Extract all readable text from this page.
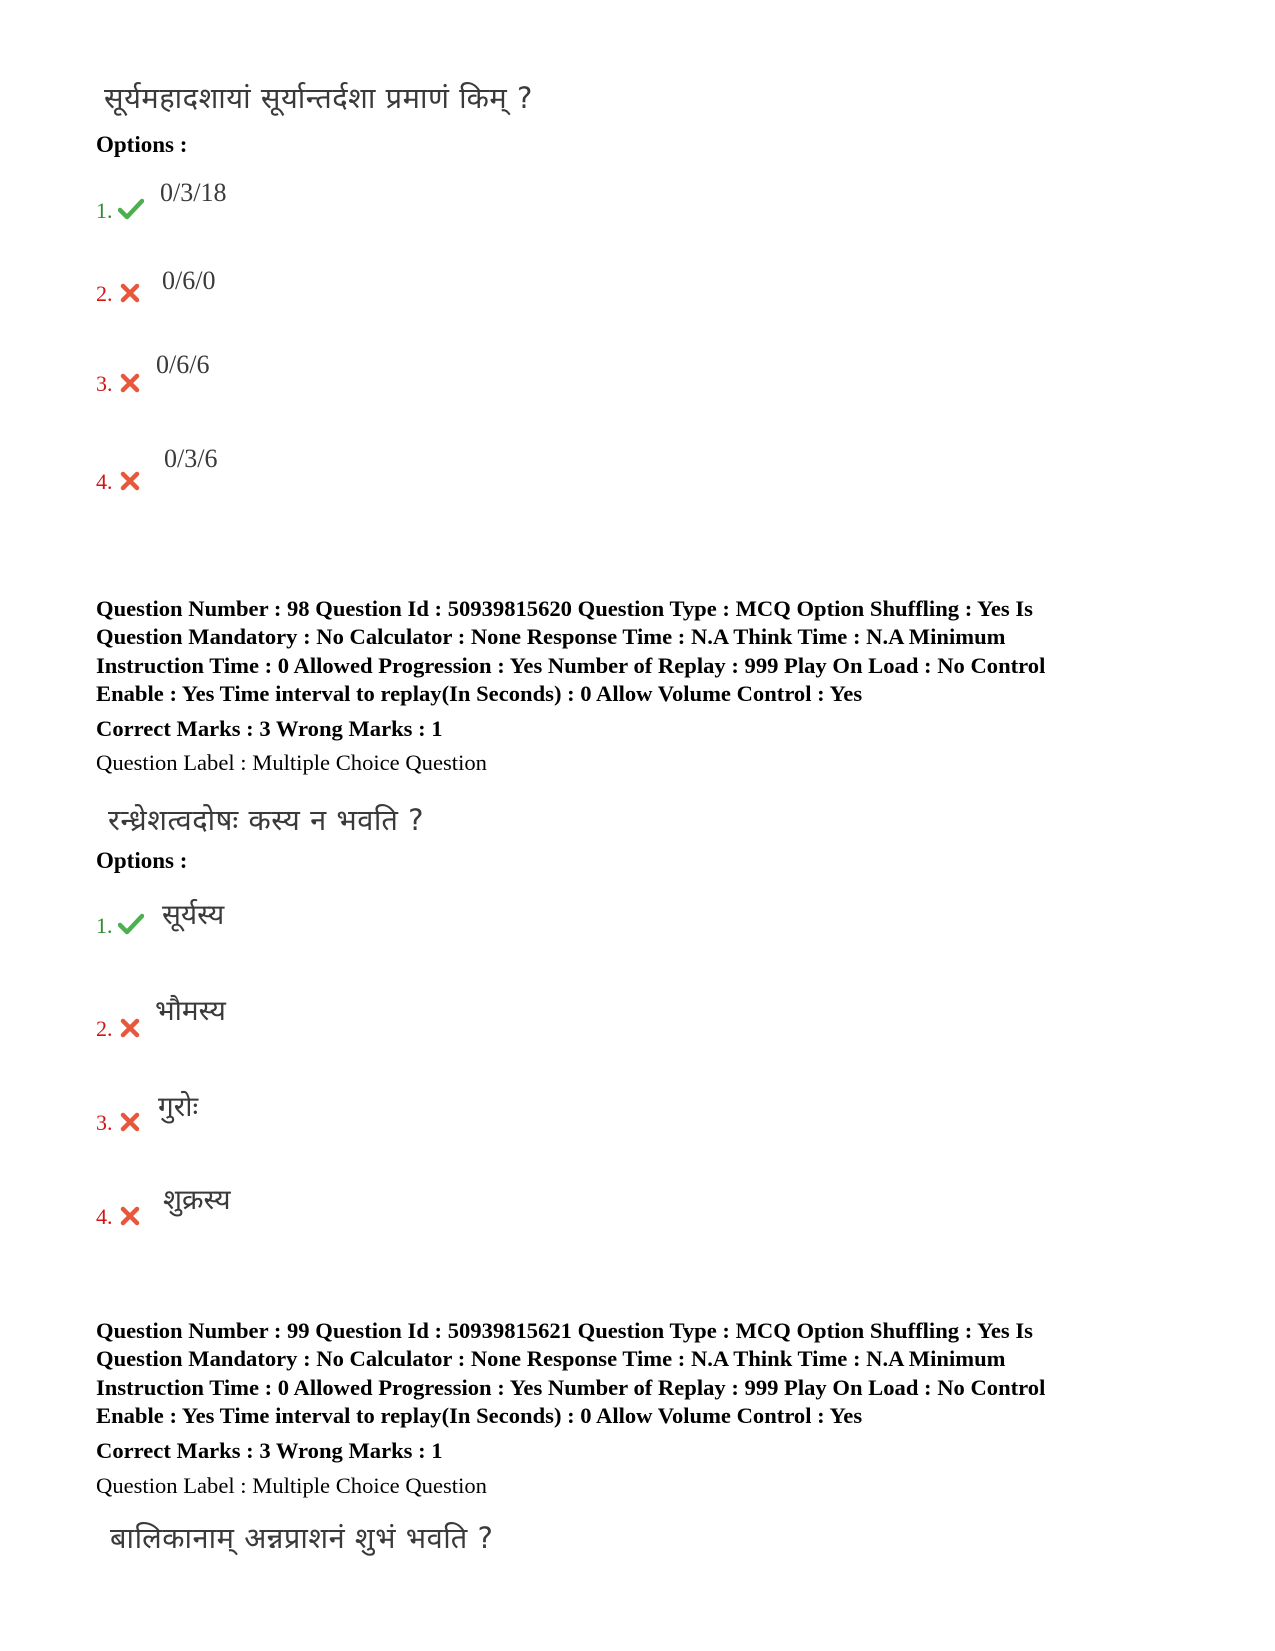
सूर्यमहादशायां सूर्यान्तर्दशा प्रमाणं किम् ?
Options :
1.
0/3/18
2. 0/6/0
3.
0/6/6
4.
0/3/6
Question Number : 98 Question Id : 50939815620 Question Type : MCQ Option Shuffling : Yes Is
Question Mandatory : No Calculator : None Response Time : N.A Think Time : N.A Minimum
Instruction Time : 0 Allowed Progression : Yes Number of Replay : 999 Play On Load : No Control
Enable : Yes Time interval to replay(In Seconds) : 0 Allow Volume Control : Yes
Correct Marks : 3 Wrong Marks : 1
Question Label : Multiple Choice Question
रन्ध्रेशत्वदोषः कस्य न भवति ?
Options :
1. सूर्यस्य
2.
भौमस्य
3. गुरोः
4.
शुक्रस्य
Question Number : 99 Question Id : 50939815621 Question Type : MCQ Option Shuffling : Yes Is
Question Mandatory : No Calculator : None Response Time : N.A Think Time : N.A Minimum
Instruction Time : 0 Allowed Progression : Yes Number of Replay : 999 Play On Load : No Control
Enable : Yes Time interval to replay(In Seconds) : 0 Allow Volume Control : Yes
Correct Marks : 3 Wrong Marks : 1
Question Label : Multiple Choice Question
बालिकानाम् अन्नप्राशनं शुभं भवति ?
